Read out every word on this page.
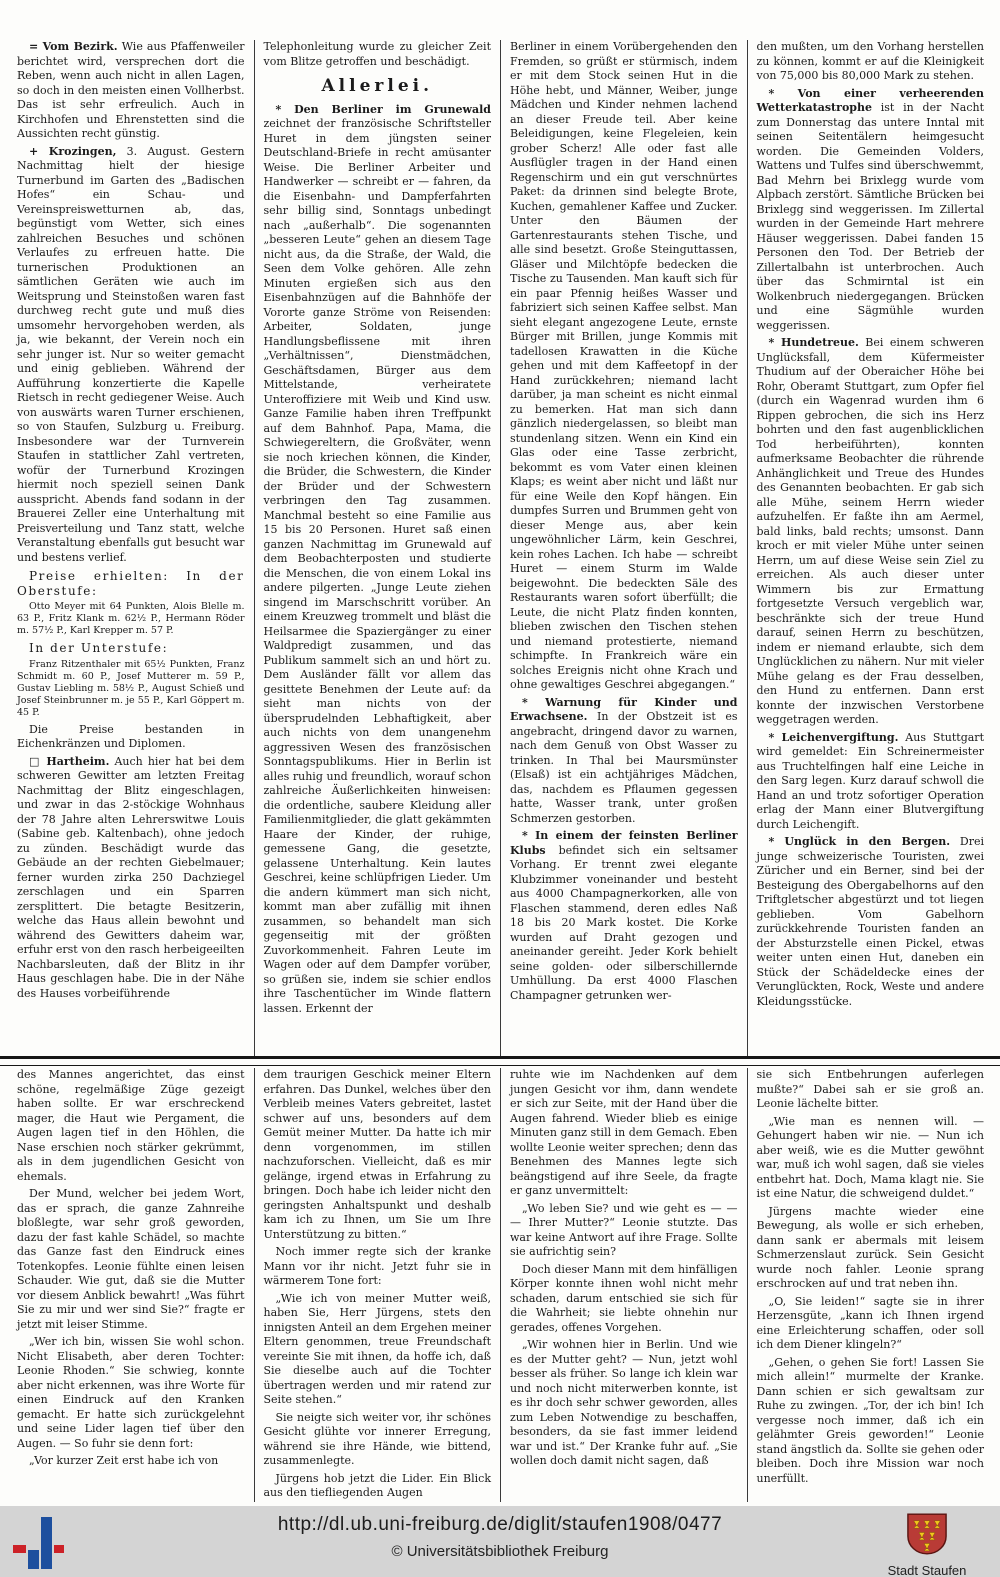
= Vom Bezirk. Wie aus Pfaffenweiler berichtet wird, versprechen dort die Reben, wenn auch nicht in allen Lagen, so doch in den meisten einen Vollherbst. Das ist sehr erfreulich. Auch in Kirchhofen und Ehrenstetten sind die Aussichten recht günstig.

+ Krozingen, 3. August. Gestern Nachmittag hielt der hiesige Turnerbund im Garten des „Badischen Hofes“ ein Schau- und Vereinspreiswetturnen ab, das, begünstigt vom Wetter, sich eines zahlreichen Besuches und schönen Verlaufes zu erfreuen hatte. Die turnerischen Produktionen an sämtlichen Geräten wie auch im Weitsprung und Steinstoßen waren fast durchweg recht gute und muß dies umsomehr hervorgehoben werden, als ja, wie bekannt, der Verein noch ein sehr junger ist. Nur so weiter gemacht und einig geblieben. Während der Aufführung konzertierte die Kapelle Rietsch in recht gediegener Weise. Auch von auswärts waren Turner erschienen, so von Staufen, Sulzburg u. Freiburg. Insbesondere war der Turnverein Staufen in stattlicher Zahl vertreten, wofür der Turnerbund Krozingen hiermit noch speziell seinen Dank ausspricht. Abends fand sodann in der Brauerei Zeller eine Unterhaltung mit Preisverteilung und Tanz statt, welche Veranstaltung ebenfalls gut besucht war und bestens verlief.

Preise erhielten: In der Oberstufe:

Otto Meyer mit 64 Punkten, Alois Blelle m. 63 P., Fritz Klank m. 62½ P., Hermann Röder m. 57½ P., Karl Krepper m. 57 P.

In der Unterstufe:

Franz Ritzenthaler mit 65½ Punkten, Franz Schmidt m. 60 P., Josef Mutterer m. 59 P., Gustav Liebling m. 58½ P., August Schieß und Josef Steinbrunner m. je 55 P., Karl Göppert m. 45 P.

Die Preise bestanden in Eichenkränzen und Diplomen.

□ Hartheim. Auch hier hat bei dem schweren Gewitter am letzten Freitag Nachmittag der Blitz eingeschlagen, und zwar in das 2-stöckige Wohnhaus der 78 Jahre alten Lehrerswitwe Louis (Sabine geb. Kaltenbach), ohne jedoch zu zünden. Beschädigt wurde das Gebäude an der rechten Giebelmauer; ferner wurden zirka 250 Dachziegel zerschlagen und ein Sparren zersplittert. Die betagte Besitzerin, welche das Haus allein bewohnt und während des Gewitters daheim war, erfuhr erst von den rasch herbeigeeilten Nachbarsleuten, daß der Blitz in ihr Haus geschlagen habe. Die in der Nähe des Hauses vorbeiführende

Telephonleitung wurde zu gleicher Zeit vom Blitze getroffen und beschädigt.

Allerlei.

* Den Berliner im Grunewald zeichnet der französische Schriftsteller Huret in dem jüngsten seiner Deutschland-Briefe in recht amüsanter Weise. Die Berliner Arbeiter und Handwerker — schreibt er — fahren, da die Eisenbahn- und Dampferfahrten sehr billig sind, Sonntags unbedingt nach „außerhalb“. Die sogenannten „besseren Leute“ gehen an diesem Tage nicht aus, da die Straße, der Wald, die Seen dem Volke gehören. Alle zehn Minuten ergießen sich aus den Eisenbahnzügen auf die Bahnhöfe der Vororte ganze Ströme von Reisenden: Arbeiter, Soldaten, junge Handlungsbeflissene mit ihren „Verhältnissen“, Dienstmädchen, Geschäftsdamen, Bürger aus dem Mittelstande, verheiratete Unteroffiziere mit Weib und Kind usw. Ganze Familie haben ihren Treffpunkt auf dem Bahnhof. Papa, Mama, die Schwiegereltern, die Großväter, wenn sie noch kriechen können, die Kinder, die Brüder, die Schwestern, die Kinder der Brüder und der Schwestern verbringen den Tag zusammen. Manchmal besteht so eine Familie aus 15 bis 20 Personen. Huret saß einen ganzen Nachmittag im Grunewald auf dem Beobachterposten und studierte die Menschen, die von einem Lokal ins andere pilgerten. „Junge Leute ziehen singend im Marschschritt vorüber. An einem Kreuzweg trommelt und bläst die Heilsarmee die Spaziergänger zu einer Waldpredigt zusammen, und das Publikum sammelt sich an und hört zu. Dem Ausländer fällt vor allem das gesittete Benehmen der Leute auf: da sieht man nichts von der übersprudelnden Lebhaftigkeit, aber auch nichts von dem unangenehm aggressiven Wesen des französischen Sonntagspublikums. Hier in Berlin ist alles ruhig und freundlich, worauf schon zahlreiche Äußerlichkeiten hinweisen: die ordentliche, saubere Kleidung aller Familienmitglieder, die glatt gekämmten Haare der Kinder, der ruhige, gemessene Gang, die gesetzte, gelassene Unterhaltung. Kein lautes Geschrei, keine schlüpfrigen Lieder. Um die andern kümmert man sich nicht, kommt man aber zufällig mit ihnen zusammen, so behandelt man sich gegenseitig mit der größten Zuvorkommenheit. Fahren Leute im Wagen oder auf dem Dampfer vorüber, so grüßen sie, indem sie schier endlos ihre Taschentücher im Winde flattern lassen. Erkennt der

Berliner in einem Vorübergehenden den Fremden, so grüßt er stürmisch, indem er mit dem Stock seinen Hut in die Höhe hebt, und Männer, Weiber, junge Mädchen und Kinder nehmen lachend an dieser Freude teil. Aber keine Beleidigungen, keine Flegeleien, kein grober Scherz! Alle oder fast alle Ausflügler tragen in der Hand einen Regenschirm und ein gut verschnürtes Paket: da drinnen sind belegte Brote, Kuchen, gemahlener Kaffee und Zucker. Unter den Bäumen der Gartenrestaurants stehen Tische, und alle sind besetzt. Große Steinguttassen, Gläser und Milchtöpfe bedecken die Tische zu Tausenden. Man kauft sich für ein paar Pfennig heißes Wasser und fabriziert sich seinen Kaffee selbst. Man sieht elegant angezogene Leute, ernste Bürger mit Brillen, junge Kommis mit tadellosen Krawatten in die Küche gehen und mit dem Kaffeetopf in der Hand zurückkehren; niemand lacht darüber, ja man scheint es nicht einmal zu bemerken. Hat man sich dann gänzlich niedergelassen, so bleibt man stundenlang sitzen. Wenn ein Kind ein Glas oder eine Tasse zerbricht, bekommt es vom Vater einen kleinen Klaps; es weint aber nicht und läßt nur für eine Weile den Kopf hängen. Ein dumpfes Surren und Brummen geht von dieser Menge aus, aber kein ungewöhnlicher Lärm, kein Geschrei, kein rohes Lachen. Ich habe — schreibt Huret — einem Sturm im Walde beigewohnt. Die bedeckten Säle des Restaurants waren sofort überfüllt; die Leute, die nicht Platz finden konnten, blieben zwischen den Tischen stehen und niemand protestierte, niemand schimpfte. In Frankreich wäre ein solches Ereignis nicht ohne Krach und ohne gewaltiges Geschrei abgegangen.“

* Warnung für Kinder und Erwachsene. In der Obstzeit ist es angebracht, dringend davor zu warnen, nach dem Genuß von Obst Wasser zu trinken. In Thal bei Maursmünster (Elsaß) ist ein achtjähriges Mädchen, das, nachdem es Pflaumen gegessen hatte, Wasser trank, unter großen Schmerzen gestorben.

* In einem der feinsten Berliner Klubs befindet sich ein seltsamer Vorhang. Er trennt zwei elegante Klubzimmer voneinander und besteht aus 4000 Champagnerkorken, alle von Flaschen stammend, deren edles Naß 18 bis 20 Mark kostet. Die Korke wurden auf Draht gezogen und aneinander gereiht. Jeder Kork behielt seine golden- oder silberschillernde Umhüllung. Da erst 4000 Flaschen Champagner getrunken wer-

den mußten, um den Vorhang herstellen zu können, kommt er auf die Kleinigkeit von 75,000 bis 80,000 Mark zu stehen.

* Von einer verheerenden Wetterkatastrophe ist in der Nacht zum Donnerstag das untere Inntal mit seinen Seitentälern heimgesucht worden. Die Gemeinden Volders, Wattens und Tulfes sind überschwemmt, Bad Mehrn bei Brixlegg wurde vom Alpbach zerstört. Sämtliche Brücken bei Brixlegg sind weggerissen. Im Zillertal wurden in der Gemeinde Hart mehrere Häuser weggerissen. Dabei fanden 15 Personen den Tod. Der Betrieb der Zillertalbahn ist unterbrochen. Auch über das Schmirntal ist ein Wolkenbruch niedergegangen. Brücken und eine Sägmühle wurden weggerissen.

* Hundetreue. Bei einem schweren Unglücksfall, dem Küfermeister Thudium auf der Oberaicher Höhe bei Rohr, Oberamt Stuttgart, zum Opfer fiel (durch ein Wagenrad wurden ihm 6 Rippen gebrochen, die sich ins Herz bohrten und den fast augenblicklichen Tod herbeiführten), konnten aufmerksame Beobachter die rührende Anhänglichkeit und Treue des Hundes des Genannten beobachten. Er gab sich alle Mühe, seinem Herrn wieder aufzuhelfen. Er faßte ihn am Aermel, bald links, bald rechts; umsonst. Dann kroch er mit vieler Mühe unter seinen Herrn, um auf diese Weise sein Ziel zu erreichen. Als auch dieser unter Wimmern bis zur Ermattung fortgesetzte Versuch vergeblich war, beschränkte sich der treue Hund darauf, seinen Herrn zu beschützen, indem er niemand erlaubte, sich dem Unglücklichen zu nähern. Nur mit vieler Mühe gelang es der Frau desselben, den Hund zu entfernen. Dann erst konnte der inzwischen Verstorbene weggetragen werden.

* Leichenvergiftung. Aus Stuttgart wird gemeldet: Ein Schreinermeister aus Truchtelfingen half eine Leiche in den Sarg legen. Kurz darauf schwoll die Hand an und trotz sofortiger Operation erlag der Mann einer Blutvergiftung durch Leichengift.

* Unglück in den Bergen. Drei junge schweizerische Touristen, zwei Züricher und ein Berner, sind bei der Besteigung des Obergabelhorns auf den Triftgletscher abgestürzt und tot liegen geblieben. Vom Gabelhorn zurückkehrende Touristen fanden an der Absturzstelle einen Pickel, etwas weiter unten einen Hut, daneben ein Stück der Schädeldecke eines der Verunglückten, Rock, Weste und andere Kleidungsstücke.

des Mannes angerichtet, das einst schöne, regelmäßige Züge gezeigt haben sollte. Er war erschreckend mager, die Haut wie Pergament, die Augen lagen tief in den Höhlen, die Nase erschien noch stärker gekrümmt, als in dem jugendlichen Gesicht von ehemals.

Der Mund, welcher bei jedem Wort, das er sprach, die ganze Zahnreihe bloßlegte, war sehr groß geworden, dazu der fast kahle Schädel, so machte das Ganze fast den Eindruck eines Totenkopfes. Leonie fühlte einen leisen Schauder. Wie gut, daß sie die Mutter vor diesem Anblick bewahrt! „Was führt Sie zu mir und wer sind Sie?“ fragte er jetzt mit leiser Stimme.

„Wer ich bin, wissen Sie wohl schon. Nicht Elisabeth, aber deren Tochter: Leonie Rhoden.“ Sie schwieg, konnte aber nicht erkennen, was ihre Worte für einen Eindruck auf den Kranken gemacht. Er hatte sich zurückgelehnt und seine Lider lagen tief über den Augen. — So fuhr sie denn fort:

„Vor kurzer Zeit erst habe ich von

dem traurigen Geschick meiner Eltern erfahren. Das Dunkel, welches über den Verbleib meines Vaters gebreitet, lastet schwer auf uns, besonders auf dem Gemüt meiner Mutter. Da hatte ich mir denn vorgenommen, im stillen nachzuforschen. Vielleicht, daß es mir gelänge, irgend etwas in Erfahrung zu bringen. Doch habe ich leider nicht den geringsten Anhaltspunkt und deshalb kam ich zu Ihnen, um Sie um Ihre Unterstützung zu bitten.“

Noch immer regte sich der kranke Mann vor ihr nicht. Jetzt fuhr sie in wärmerem Tone fort:

„Wie ich von meiner Mutter weiß, haben Sie, Herr Jürgens, stets den innigsten Anteil an dem Ergehen meiner Eltern genommen, treue Freundschaft vereinte Sie mit ihnen, da hoffe ich, daß Sie dieselbe auch auf die Tochter übertragen werden und mir ratend zur Seite stehen.“

Sie neigte sich weiter vor, ihr schönes Gesicht glühte vor innerer Erregung, während sie ihre Hände, wie bittend, zusammenlegte.

Jürgens hob jetzt die Lider. Ein Blick aus den tiefliegenden Augen

ruhte wie im Nachdenken auf dem jungen Gesicht vor ihm, dann wendete er sich zur Seite, mit der Hand über die Augen fahrend. Wieder blieb es einige Minuten ganz still in dem Gemach. Eben wollte Leonie weiter sprechen; denn das Benehmen des Mannes legte sich beängstigend auf ihre Seele, da fragte er ganz unvermittelt:

„Wo leben Sie? und wie geht es — — — Ihrer Mutter?“ Leonie stutzte. Das war keine Antwort auf ihre Frage. Sollte sie aufrichtig sein?

Doch dieser Mann mit dem hinfälligen Körper konnte ihnen wohl nicht mehr schaden, darum entschied sie sich für die Wahrheit; sie liebte ohnehin nur gerades, offenes Vorgehen.

„Wir wohnen hier in Berlin. Und wie es der Mutter geht? — Nun, jetzt wohl besser als früher. So lange ich klein war und noch nicht miterwerben konnte, ist es ihr doch sehr schwer geworden, alles zum Leben Notwendige zu beschaffen, besonders, da sie fast immer leidend war und ist.“ Der Kranke fuhr auf. „Sie wollen doch damit nicht sagen, daß

sie sich Entbehrungen auferlegen mußte?“ Dabei sah er sie groß an. Leonie lächelte bitter.

„Wie man es nennen will. — Gehungert haben wir nie. — Nun ich aber weiß, wie es die Mutter gewöhnt war, muß ich wohl sagen, daß sie vieles entbehrt hat. Doch, Mama klagt nie. Sie ist eine Natur, die schweigend duldet.“

Jürgens machte wieder eine Bewegung, als wolle er sich erheben, dann sank er abermals mit leisem Schmerzenslaut zurück. Sein Gesicht wurde noch fahler. Leonie sprang erschrocken auf und trat neben ihn.

„O, Sie leiden!“ sagte sie in ihrer Herzensgüte, „kann ich Ihnen irgend eine Erleichterung schaffen, oder soll ich dem Diener klingeln?“

„Gehen, o gehen Sie fort! Lassen Sie mich allein!“ murmelte der Kranke. Dann schien er sich gewaltsam zur Ruhe zu zwingen. „Tor, der ich bin! Ich vergesse noch immer, daß ich ein gelähmter Greis geworden!“ Leonie stand ängstlich da. Sollte sie gehen oder bleiben. Doch ihre Mission war noch unerfüllt.

http://dl.ub.uni-freiburg.de/diglit/staufen1908/0477
© Universitätsbibliothek Freiburg
Stadt Staufen
